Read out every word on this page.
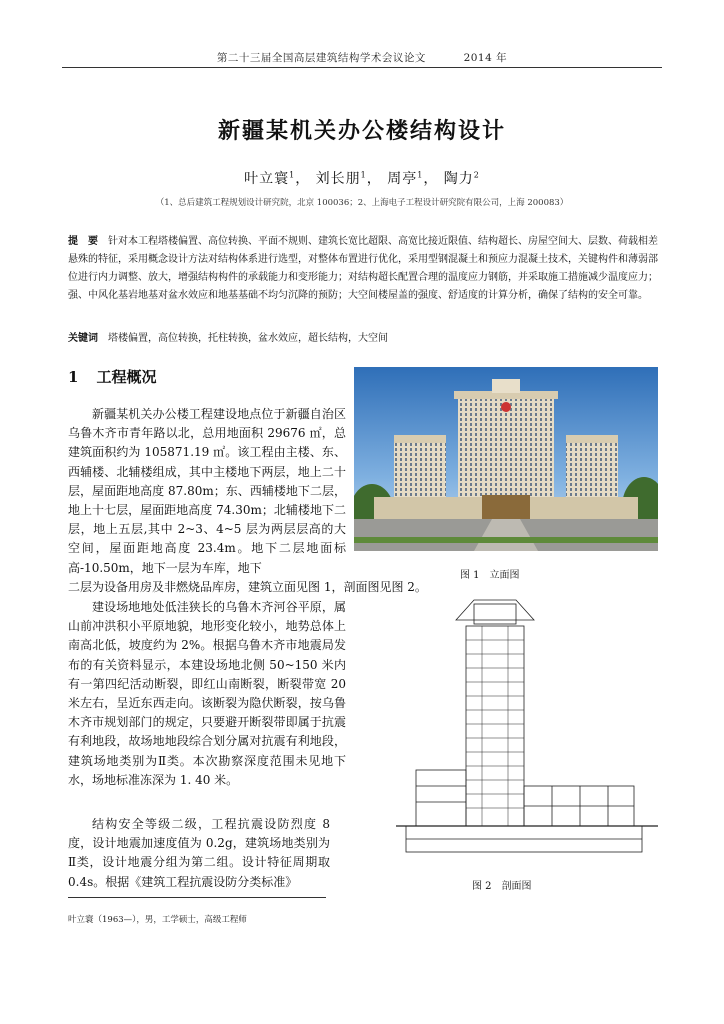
第二十三届全国高层建筑结构学术会议论文	2014 年
新疆某机关办公楼结构设计
叶立寰$^1$， 刘长朋$^1$， 周亭$^1$， 陶力$^2$
（1、总后建筑工程规划设计研究院，北京 100036；2、上海电子工程设计研究院有限公司，上海 200083）
提　要 针对本工程塔楼偏置、高位转换、平面不规则、建筑长宽比超限、高宽比接近限值、结构超长、房屋空间大、层数、荷载相差悬殊的特征，采用概念设计方法对结构体系进行选型，对整体布置进行优化，采用型钢混凝土和预应力混凝土技术，关键构件和薄弱部位进行内力调整、放大，增强结构构件的承载能力和变形能力；对结构超长配置合理的温度应力钢筋，并采取施工措施减少温度应力；强、中风化基岩地基对盆水效应和地基基础不均匀沉降的预防；大空间楼屋盖的强度、舒适度的计算分析，确保了结构的安全可靠。
关键词 塔楼偏置，高位转换，托柱转换，盆水效应，超长结构，大空间
1 工程概况
新疆某机关办公楼工程建设地点位于新疆自治区乌鲁木齐市青年路以北，总用地面积 29676 ㎡，总建筑面积约为 105871.19 ㎡。该工程由主楼、东、西辅楼、北辅楼组成，其中主楼地下两层，地上二十层，屋面距地高度 87.80m；东、西辅楼地下二层，地上十七层，屋面距地高度 74.30m；北辅楼地下二层，地上五层,其中 2~3、4~5 层为两层层高的大空间，屋面距地高度 23.4m。地下二层地面标高-10.50m，地下一层为车库，地下
二层为设备用房及非燃烧品库房，建筑立面见图 1，剖面图见图 2。
建设场地地处低洼狭长的乌鲁木齐河谷平原，属山前冲洪积小平原地貌，地形变化较小，地势总体上南高北低，坡度约为 2%。根据乌鲁木齐市地震局发布的有关资料显示，本建设场地北侧 50~150 米内有一第四纪活动断裂，即红山南断裂，断裂带宽 20 米左右，呈近东西走向。该断裂为隐伏断裂，按乌鲁木齐市规划部门的规定，只要避开断裂带即属于抗震有利地段，故场地地段综合划分属对抗震有利地段，建筑场地类别为Ⅱ类。本次勘察深度范围未见地下水，场地标准冻深为 1. 40 米。
结构安全等级二级，工程抗震设防烈度 8 度，设计地震加速度值为 0.2g，建筑场地类别为Ⅱ类，设计地震分组为第二组。设计特征周期取 0.4s。根据《建筑工程抗震设防分类标准》
图 1　立面图
图 2　剖面图
叶立寰（1963—），男，工学硕士，高级工程师
